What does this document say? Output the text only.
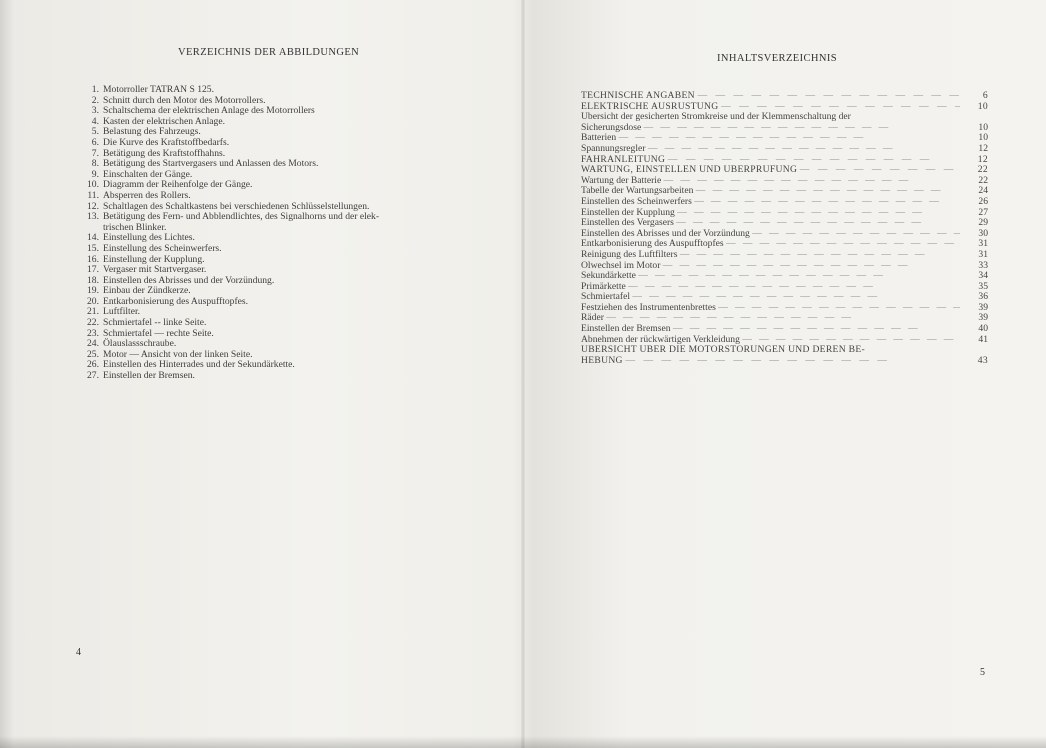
VERZEICHNIS DER ABBILDUNGEN
1. Motorroller TATRAN S 125.
2. Schnitt durch den Motor des Motorrollers.
3. Schaltschema der elektrischen Anlage des Motorrollers
4. Kasten der elektrischen Anlage.
5. Belastung des Fahrzeugs.
6. Die Kurve des Kraftstoffbedarfs.
7. Betätigung des Kraftstoffhahns.
8. Betätigung des Startvergasers und Anlassen des Motors.
9. Einschalten der Gänge.
10. Diagramm der Reihenfolge der Gänge.
11. Absperren des Rollers.
12. Schaltlagen des Schaltkastens bei verschiedenen Schlüsselstellungen.
13. Betätigung des Fern- und Abblendlichtes, des Signalhorns und der elek-
trischen Blinker.
14. Einstellung des Lichtes.
15. Einstellung des Scheinwerfers.
16. Einstellung der Kupplung.
17. Vergaser mit Startvergaser.
18. Einstellen des Abrisses und der Vorzündung.
19. Einbau der Zündkerze.
20. Entkarbonisierung des Auspufftopfes.
21. Luftfilter.
22. Schmiertafel -- linke Seite.
23. Schmiertafel — rechte Seite.
24. Ölauslassschraube.
25. Motor — Ansicht von der linken Seite.
26. Einstellen des Hinterrades und der Sekundärkette.
27. Einstellen der Bremsen.
4
INHALTSVERZEICHNIS
TECHNISCHE ANGABEN —   —	6
ELEKTRISCHE AUSRÜSTUNG —   —	10
Übersicht der gesicherten Stromkreise und der Klemmenschaltung der
Sicherungsdose —   —	10
Batterien —   —	10
Spannungsregler —   —	12
FAHRANLEITUNG —   —	12
WARTUNG, EINSTELLEN UND ÜBERPRÜFUNG —   —	22
Wartung der Batterie —   —	22
Tabelle der Wartungsarbeiten —   —	24
Einstellen des Scheinwerfers —   —	26
Einstellen der Kupplung —   —	27
Einstellen des Vergasers —   —	29
Einstellen des Abrisses und der Vorzündung —   —	30
Entkarbonisierung des Auspufftopfes —   —	31
Reinigung des Luftfilters —   —	31
Ölwechsel im Motor —   —	33
Sekundärkette —   —	34
Primärkette —   —	35
Schmiertafel —   —	36
Festziehen des Instrumentenbrettes —   —	39
Räder —   —	39
Einstellen der Bremsen —   —	40
Abnehmen der rückwärtigen Verkleidung —   —	41
ÜBERSICHT ÜBER DIE MOTORSTÖRUNGEN UND DEREN BE-
HEBUNG —   —	43
5
